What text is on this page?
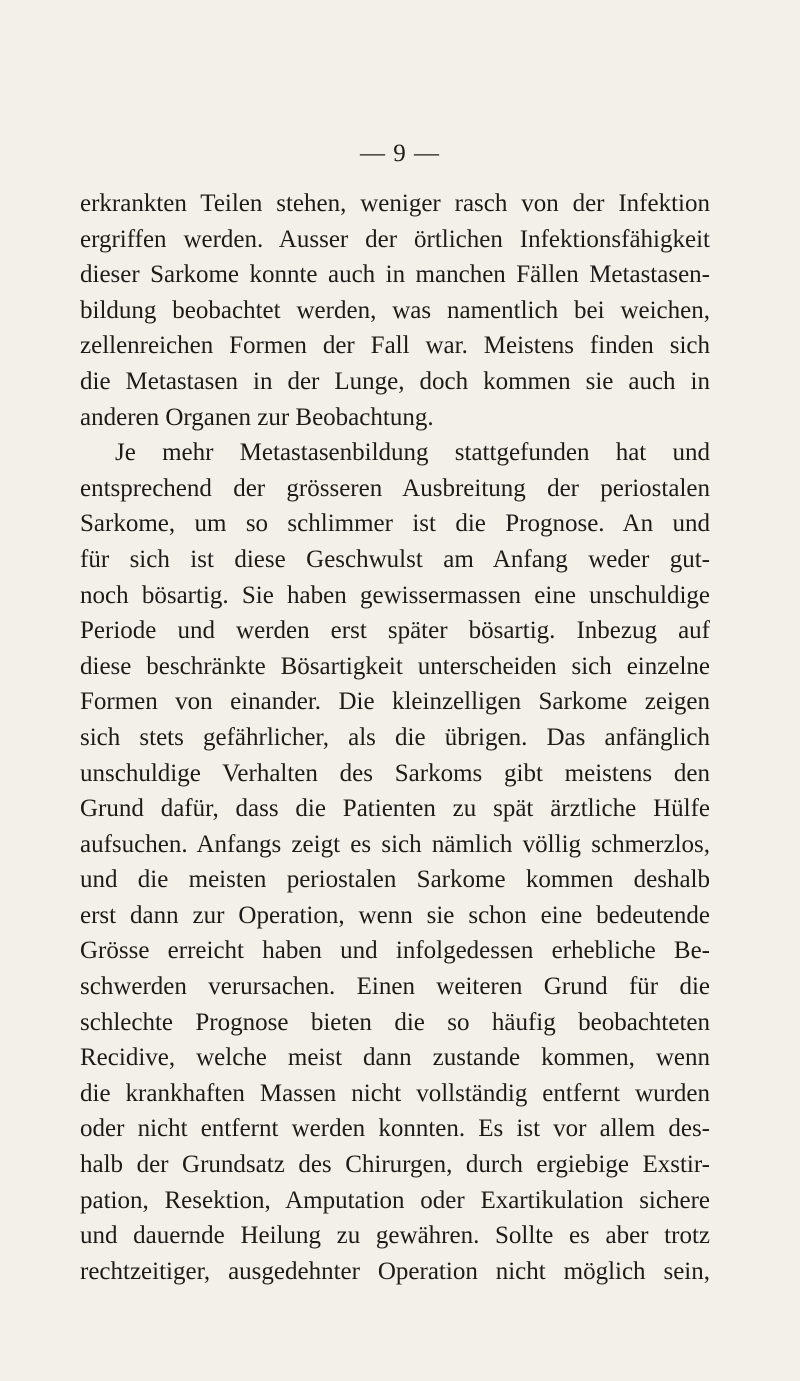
— 9 —
erkrankten Teilen stehen, weniger rasch von der Infektion
ergriffen werden. Ausser der örtlichen Infektionsfähigkeit
dieser Sarkome konnte auch in manchen Fällen Metastasen-
bildung beobachtet werden, was namentlich bei weichen,
zellenreichen Formen der Fall war. Meistens finden sich
die Metastasen in der Lunge, doch kommen sie auch in
anderen Organen zur Beobachtung.
Je mehr Metastasenbildung stattgefunden hat und
entsprechend der grösseren Ausbreitung der periostalen
Sarkome, um so schlimmer ist die Prognose. An und
für sich ist diese Geschwulst am Anfang weder gut-
noch bösartig. Sie haben gewissermassen eine unschuldige
Periode und werden erst später bösartig. Inbezug auf
diese beschränkte Bösartigkeit unterscheiden sich einzelne
Formen von einander. Die kleinzelligen Sarkome zeigen
sich stets gefährlicher, als die übrigen. Das anfänglich
unschuldige Verhalten des Sarkoms gibt meistens den
Grund dafür, dass die Patienten zu spät ärztliche Hülfe
aufsuchen. Anfangs zeigt es sich nämlich völlig schmerzlos,
und die meisten periostalen Sarkome kommen deshalb
erst dann zur Operation, wenn sie schon eine bedeutende
Grösse erreicht haben und infolgedessen erhebliche Be-
schwerden verursachen. Einen weiteren Grund für die
schlechte Prognose bieten die so häufig beobachteten
Recidive, welche meist dann zustande kommen, wenn
die krankhaften Massen nicht vollständig entfernt wurden
oder nicht entfernt werden konnten. Es ist vor allem des-
halb der Grundsatz des Chirurgen, durch ergiebige Exstir-
pation, Resektion, Amputation oder Exartikulation sichere
und dauernde Heilung zu gewähren. Sollte es aber trotz
rechtzeitiger, ausgedehnter Operation nicht möglich sein,
